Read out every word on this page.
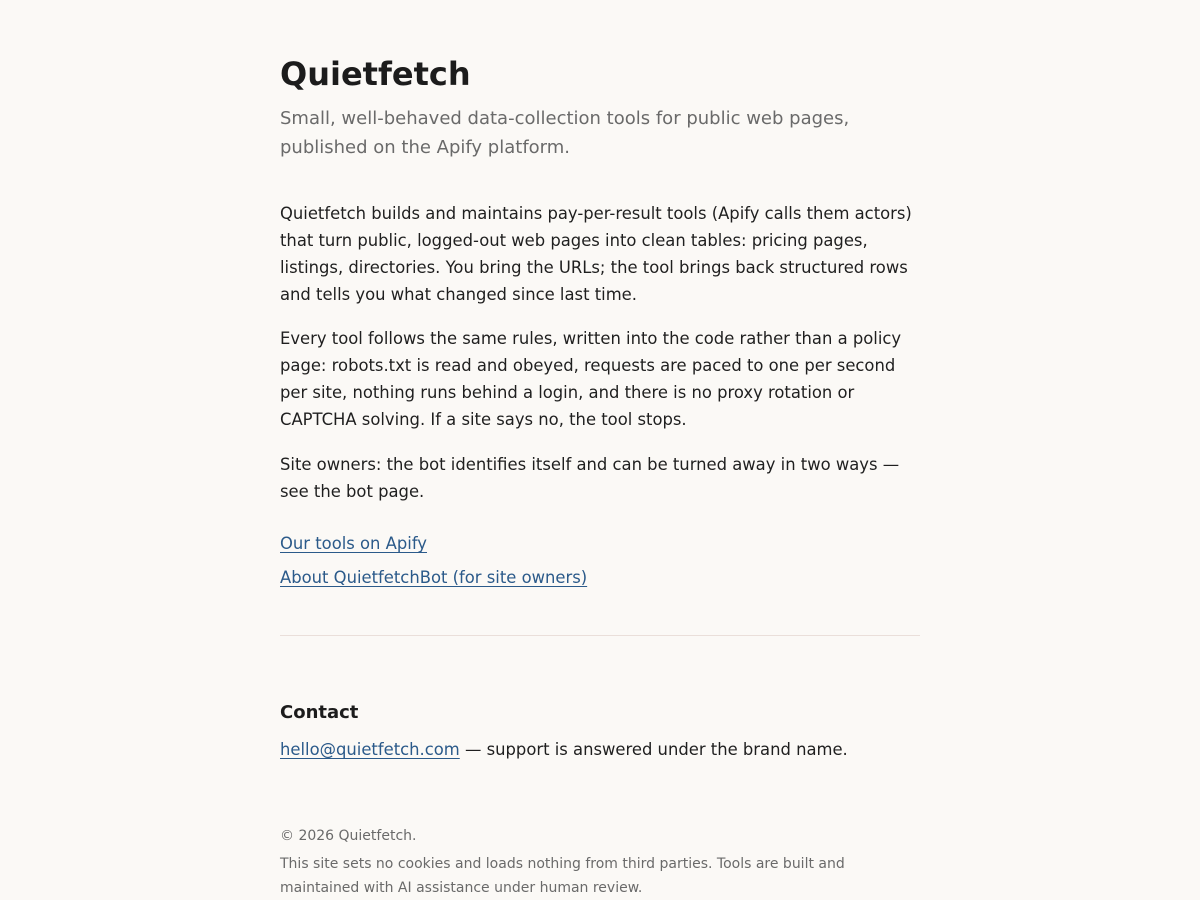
Quietfetch

Small, well-behaved data-collection tools for public web pages, published on the Apify platform.

Quietfetch builds and maintains pay-per-result tools (Apify calls them actors) that turn public, logged-out web pages into clean tables: pricing pages, listings, directories. You bring the URLs; the tool brings back structured rows and tells you what changed since last time.

Every tool follows the same rules, written into the code rather than a policy page: robots.txt is read and obeyed, requests are paced to one per second per site, nothing runs behind a login, and there is no proxy rotation or CAPTCHA solving. If a site says no, the tool stops.

Site owners: the bot identifies itself and can be turned away in two ways — see the bot page.

Our tools on Apify
About QuietfetchBot (for site owners)
Contact

hello@quietfetch.com — support is answered under the brand name.

© 2026 Quietfetch.

This site sets no cookies and loads nothing from third parties. Tools are built and maintained with AI assistance under human review.
